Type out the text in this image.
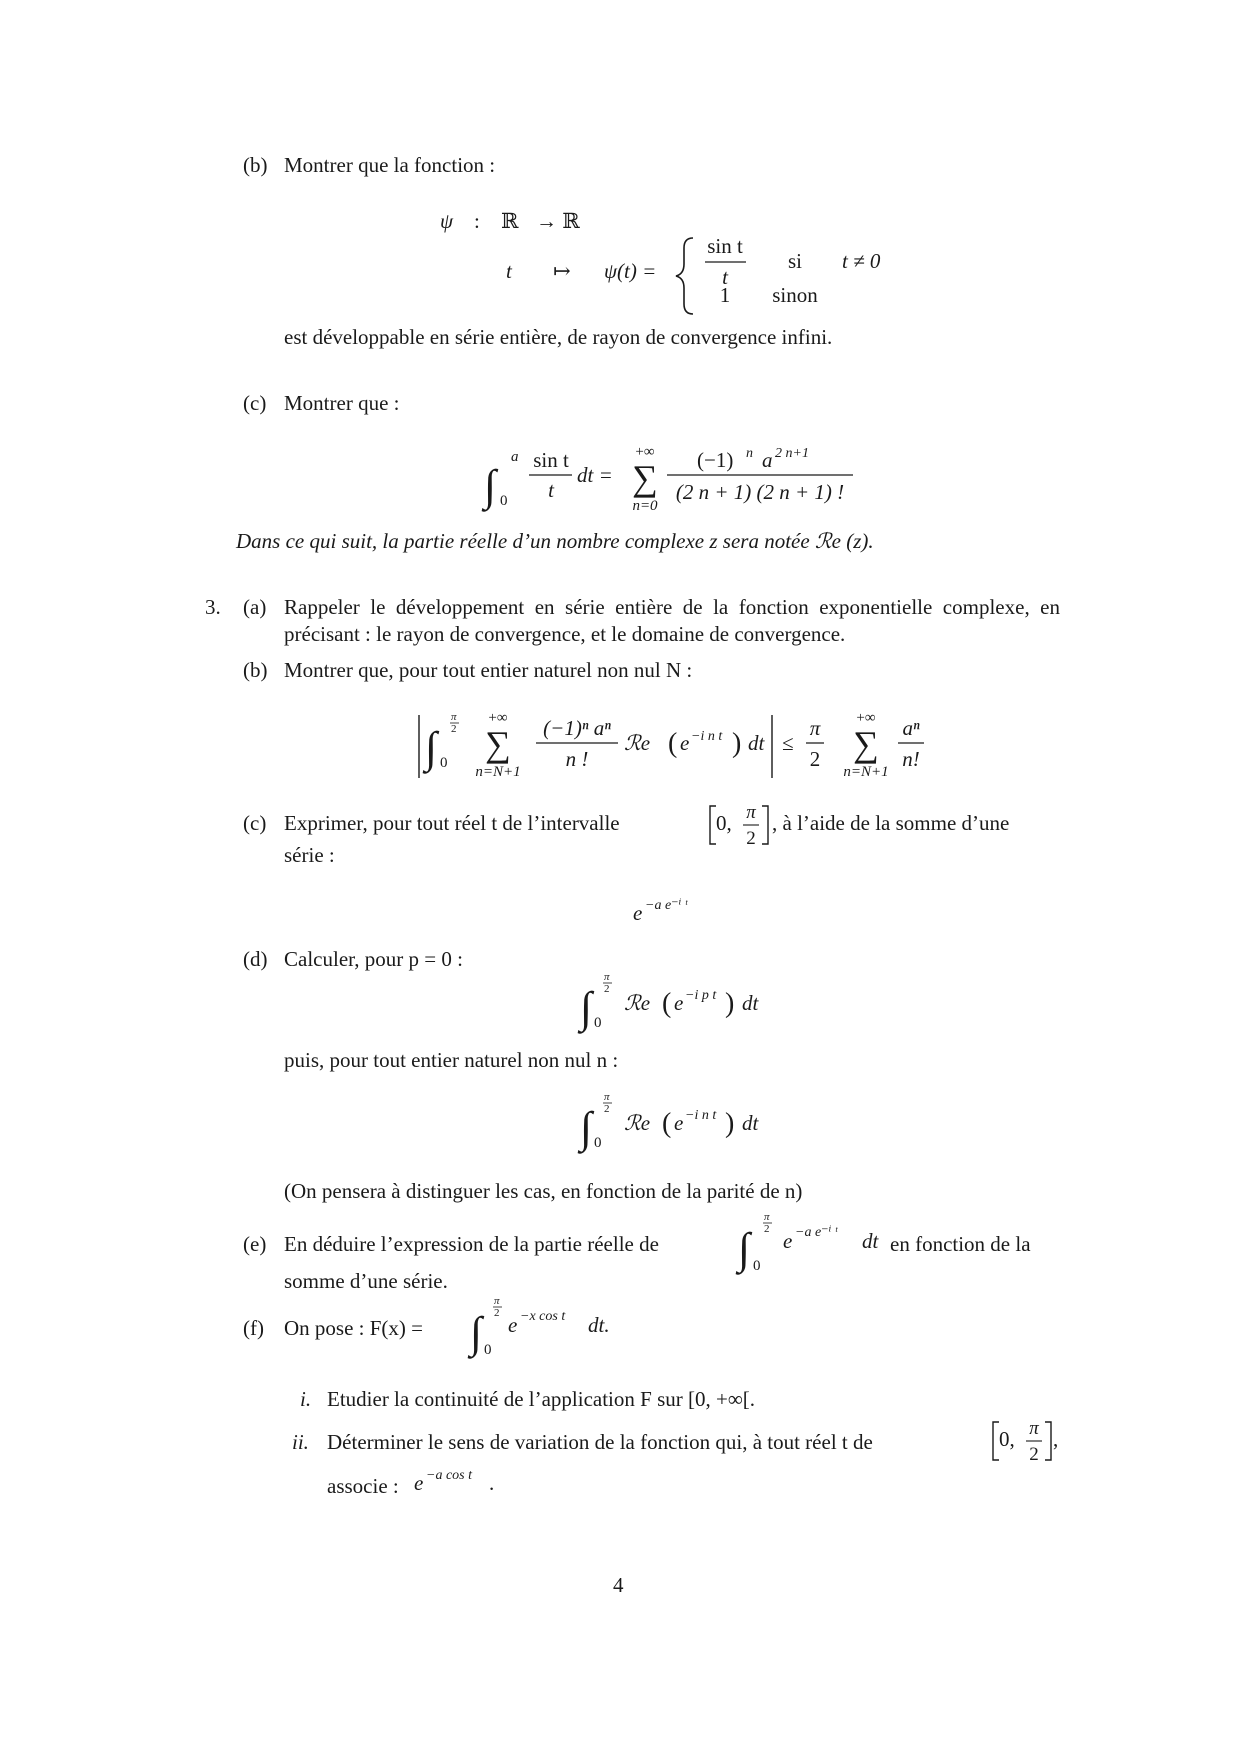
(b) Montrer que la fonction :
ψ : ℝ → ℝ
t ↦ ψ(t) =
sin t
t
si t ≠ 0
1 sinon
∫
a
0
sin t
t
dt =
+∞
∑
n=0
(−1) n a 2 n+1
(2 n + 1) (2 n + 1) !
∫
π
0
+∞
∑
n=N+1
(−1)ⁿ aⁿ
n !
ℛe ( e −i n t ) dt ≤
π
2
+∞
∑
n=N+1
aⁿ
n!
2
0, π
2
e −a e⁻ⁱ ᵗ
∫
π
0
ℛe ( e −i p t ) dt
2
∫
π
0
ℛe ( e −i n t ) dt
2
∫
π
0
e −a e⁻ⁱ ᵗ dt
2
∫
π
0
e −x cos t dt.
2
0, π
2
,
e −a cos t .
est développable en série entière, de rayon de convergence infini.
(c) Montrer que :
Dans ce qui suit, la partie réelle d’un nombre complexe z sera notée ℛe (z).
3. (a) Rappeler le développement en série entière de la fonction exponentielle complexe, en précisant : le rayon de convergence, et le domaine de convergence.
(b) Montrer que, pour tout entier naturel non nul N :
(c) Exprimer, pour tout réel t de l’intervalle	, à l’aide de la somme d’une
série :
(d) Calculer, pour p = 0 :
puis, pour tout entier naturel non nul n :
(On pensera à distinguer les cas, en fonction de la parité de n)
(e) En déduire l’expression de la partie réelle de	en fonction de la
somme d’une série.
(f) On pose : F(x) =
i. Etudier la continuité de l’application F sur [0, +∞[.
ii. Déterminer le sens de variation de la fonction qui, à tout réel t de
associe :
4
